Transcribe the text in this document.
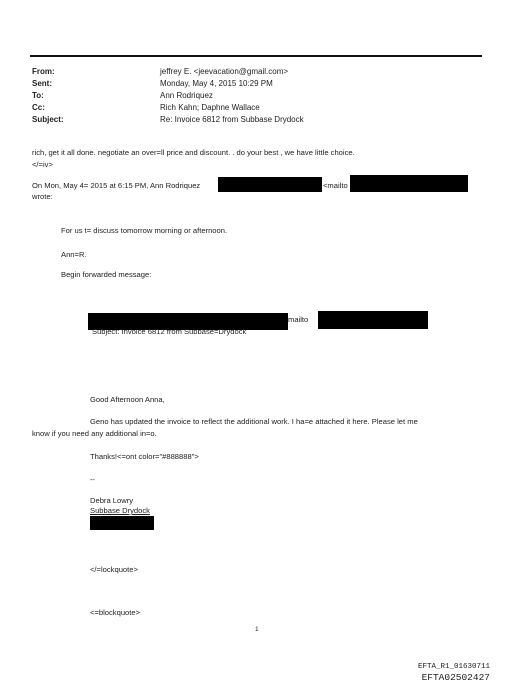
From:	jeffrey E. <jeevacation@gmail.com>
Sent:	Monday, May 4, 2015 10:29 PM
To:	Ann Rodriquez
Cc:	Rich Kahn; Daphne Wallace
Subject:	Re: Invoice 6812 from Subbase Drydock
rich, get it all done. negotiate an over=ll price and discount. . do your best , we have little choice.
</=iv>
On Mon, May 4= 2015 at 6:15 PM, Ann Rodriquez	<mailto
wrote:
For us t= discuss tomorrow morning or afternoon.
Ann=R.
Begin forwarded message:
mailto
Subject: Invoice 6812 from Subbase=Drydock
Good Afternoon Anna,
Geno has updated the invoice to reflect the additional work. I ha=e attached it here. Please let me
know if you need any additional in=o.
Thanks!<=ont color="#888888">
--
Debra Lowry
Subbase Drydock
</=lockquote>
<=blockquote>
1
EFTA_R1_01630711
EFTA02502427
